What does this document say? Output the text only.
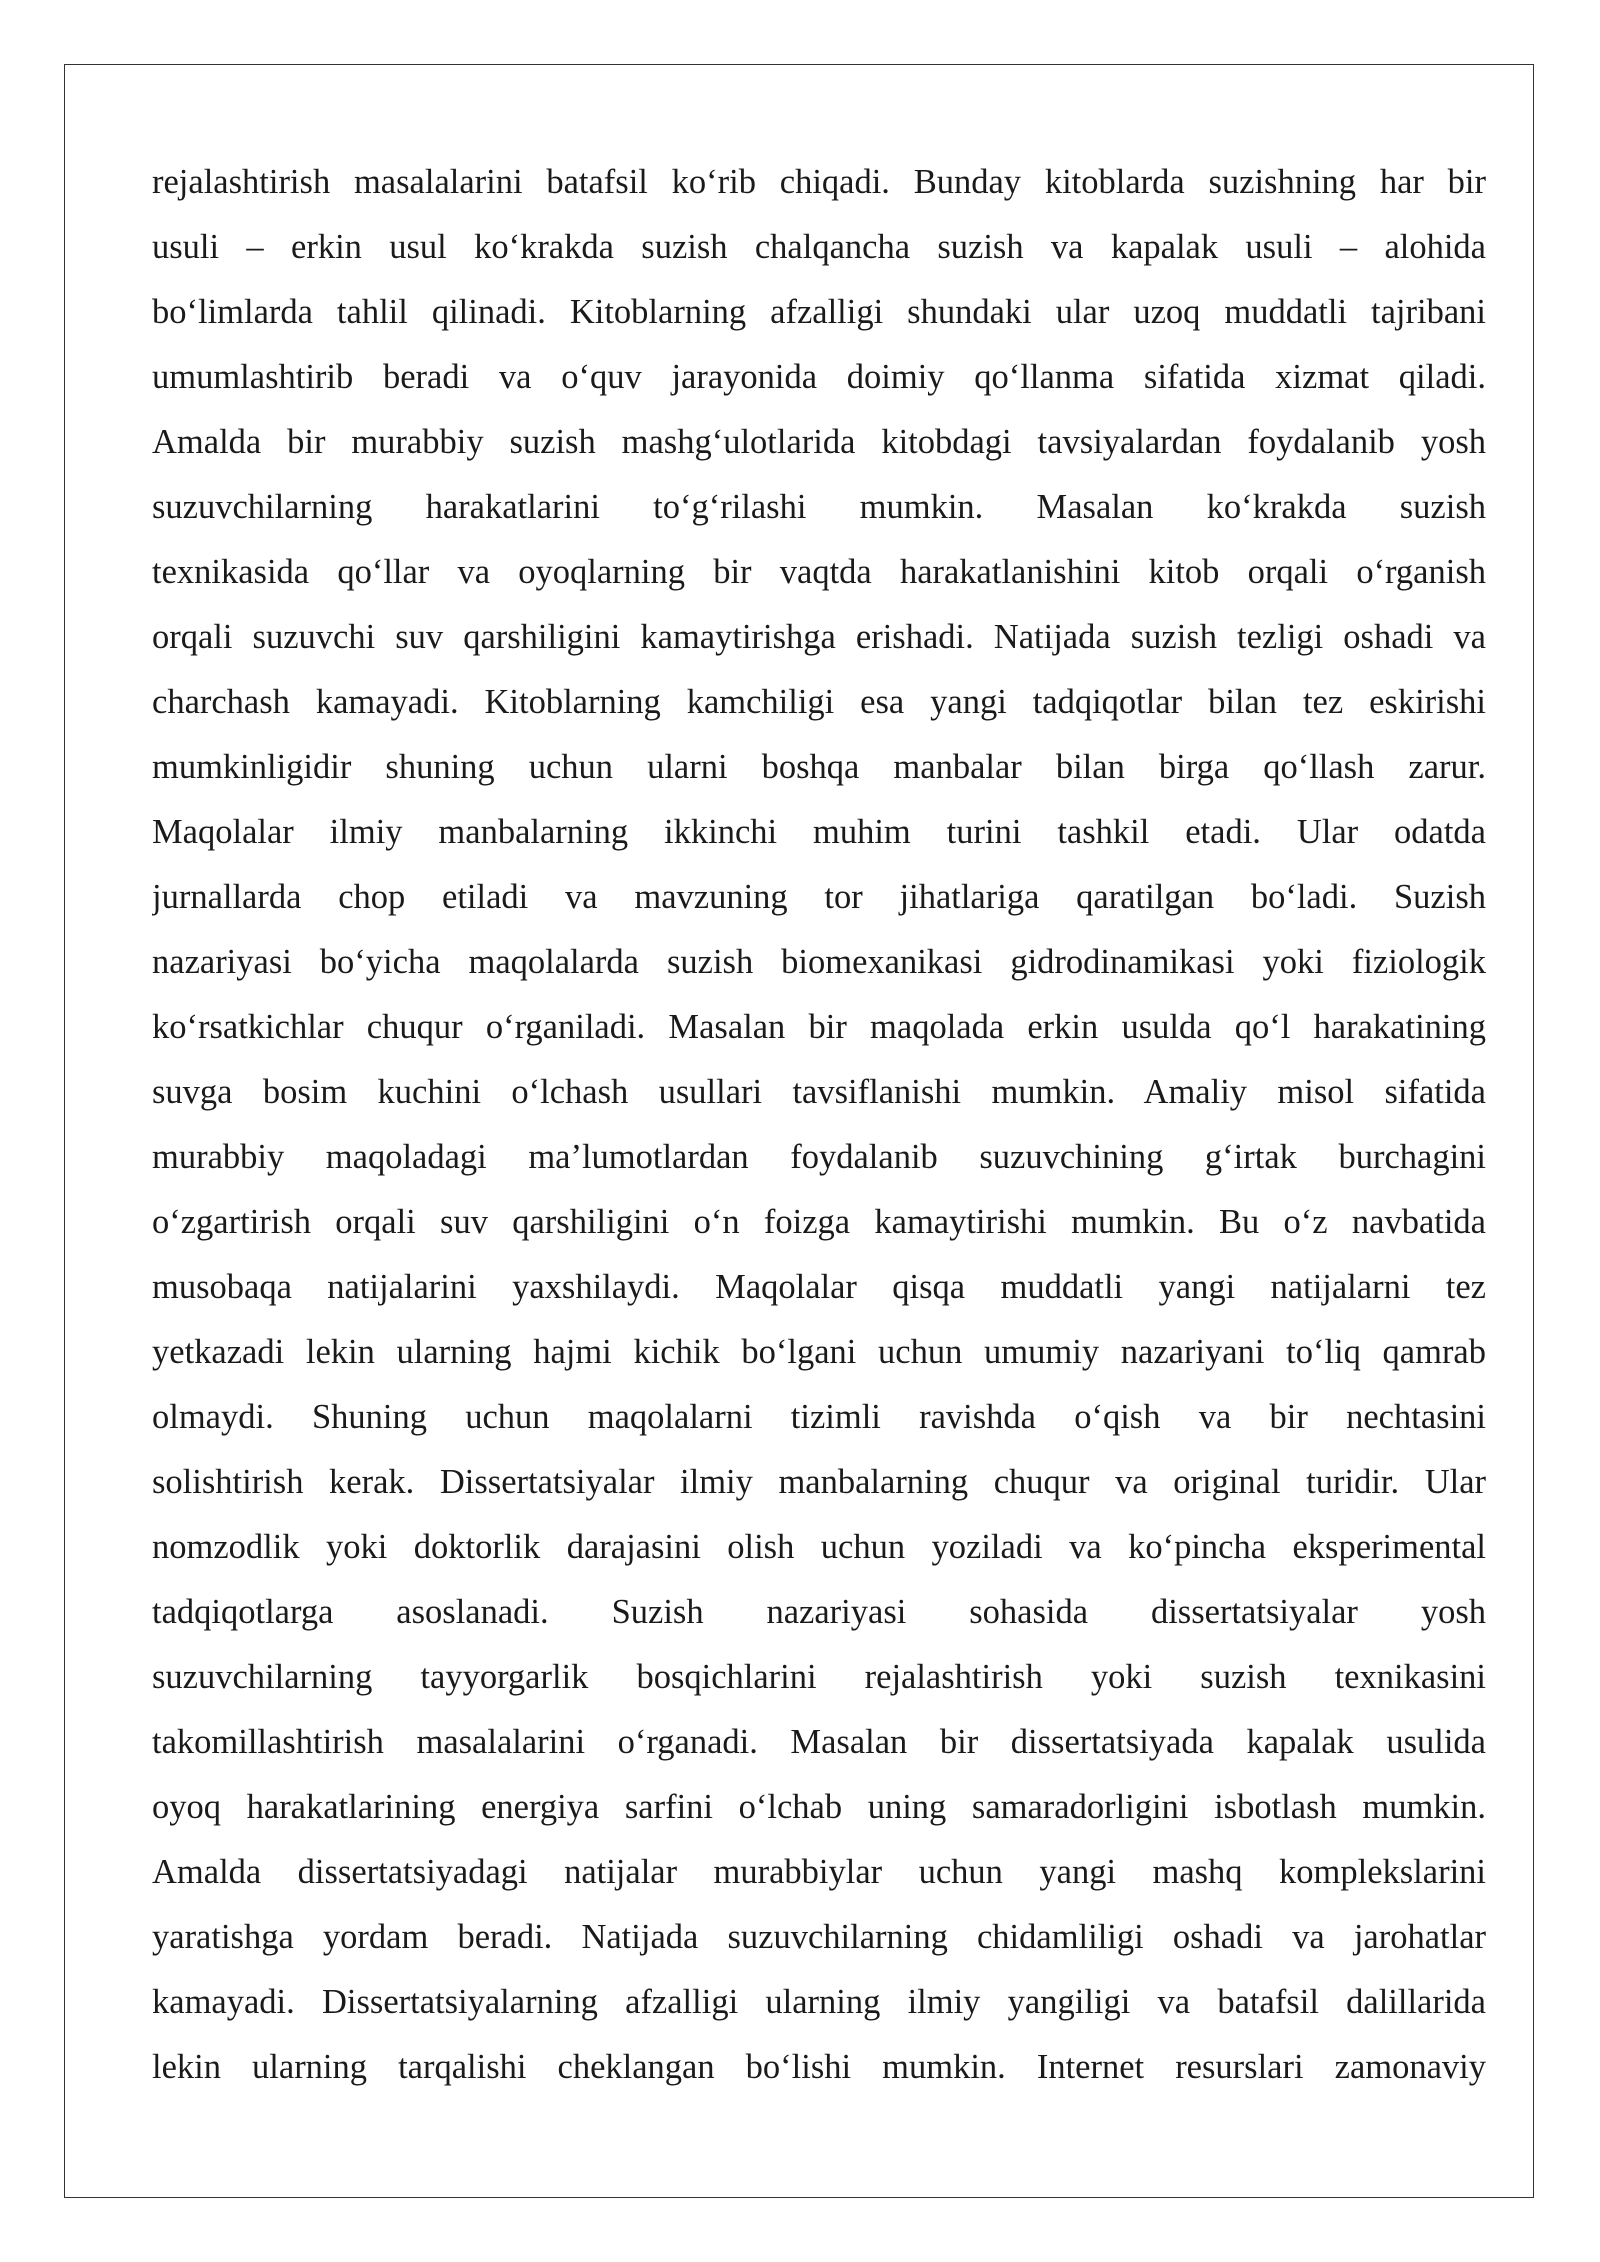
rejalashtirish masalalarini batafsil ko‘rib chiqadi. Bunday kitoblarda suzishning har bir
usuli – erkin usul ko‘krakda suzish chalqancha suzish va kapalak usuli – alohida
bo‘limlarda tahlil qilinadi. Kitoblarning afzalligi shundaki ular uzoq muddatli tajribani
umumlashtirib beradi va o‘quv jarayonida doimiy qo‘llanma sifatida xizmat qiladi.
Amalda bir murabbiy suzish mashg‘ulotlarida kitobdagi tavsiyalardan foydalanib yosh
suzuvchilarning harakatlarini to‘g‘rilashi mumkin. Masalan ko‘krakda suzish
texnikasida qo‘llar va oyoqlarning bir vaqtda harakatlanishini kitob orqali o‘rganish
orqali suzuvchi suv qarshiligini kamaytirishga erishadi. Natijada suzish tezligi oshadi va
charchash kamayadi. Kitoblarning kamchiligi esa yangi tadqiqotlar bilan tez eskirishi
mumkinligidir shuning uchun ularni boshqa manbalar bilan birga qo‘llash zarur.
Maqolalar ilmiy manbalarning ikkinchi muhim turini tashkil etadi. Ular odatda
jurnallarda chop etiladi va mavzuning tor jihatlariga qaratilgan bo‘ladi. Suzish
nazariyasi bo‘yicha maqolalarda suzish biomexanikasi gidrodinamikasi yoki fiziologik
ko‘rsatkichlar chuqur o‘rganiladi. Masalan bir maqolada erkin usulda qo‘l harakatining
suvga bosim kuchini o‘lchash usullari tavsiflanishi mumkin. Amaliy misol sifatida
murabbiy maqoladagi ma’lumotlardan foydalanib suzuvchining g‘irtak burchagini
o‘zgartirish orqali suv qarshiligini o‘n foizga kamaytirishi mumkin. Bu o‘z navbatida
musobaqa natijalarini yaxshilaydi. Maqolalar qisqa muddatli yangi natijalarni tez
yetkazadi lekin ularning hajmi kichik bo‘lgani uchun umumiy nazariyani to‘liq qamrab
olmaydi. Shuning uchun maqolalarni tizimli ravishda o‘qish va bir nechtasini
solishtirish kerak. Dissertatsiyalar ilmiy manbalarning chuqur va original turidir. Ular
nomzodlik yoki doktorlik darajasini olish uchun yoziladi va ko‘pincha eksperimental
tadqiqotlarga asoslanadi. Suzish nazariyasi sohasida dissertatsiyalar yosh
suzuvchilarning tayyorgarlik bosqichlarini rejalashtirish yoki suzish texnikasini
takomillashtirish masalalarini o‘rganadi. Masalan bir dissertatsiyada kapalak usulida
oyoq harakatlarining energiya sarfini o‘lchab uning samaradorligini isbotlash mumkin.
Amalda dissertatsiyadagi natijalar murabbiylar uchun yangi mashq komplekslarini
yaratishga yordam beradi. Natijada suzuvchilarning chidamliligi oshadi va jarohatlar
kamayadi. Dissertatsiyalarning afzalligi ularning ilmiy yangiligi va batafsil dalillarida
lekin ularning tarqalishi cheklangan bo‘lishi mumkin. Internet resurslari zamonaviy
